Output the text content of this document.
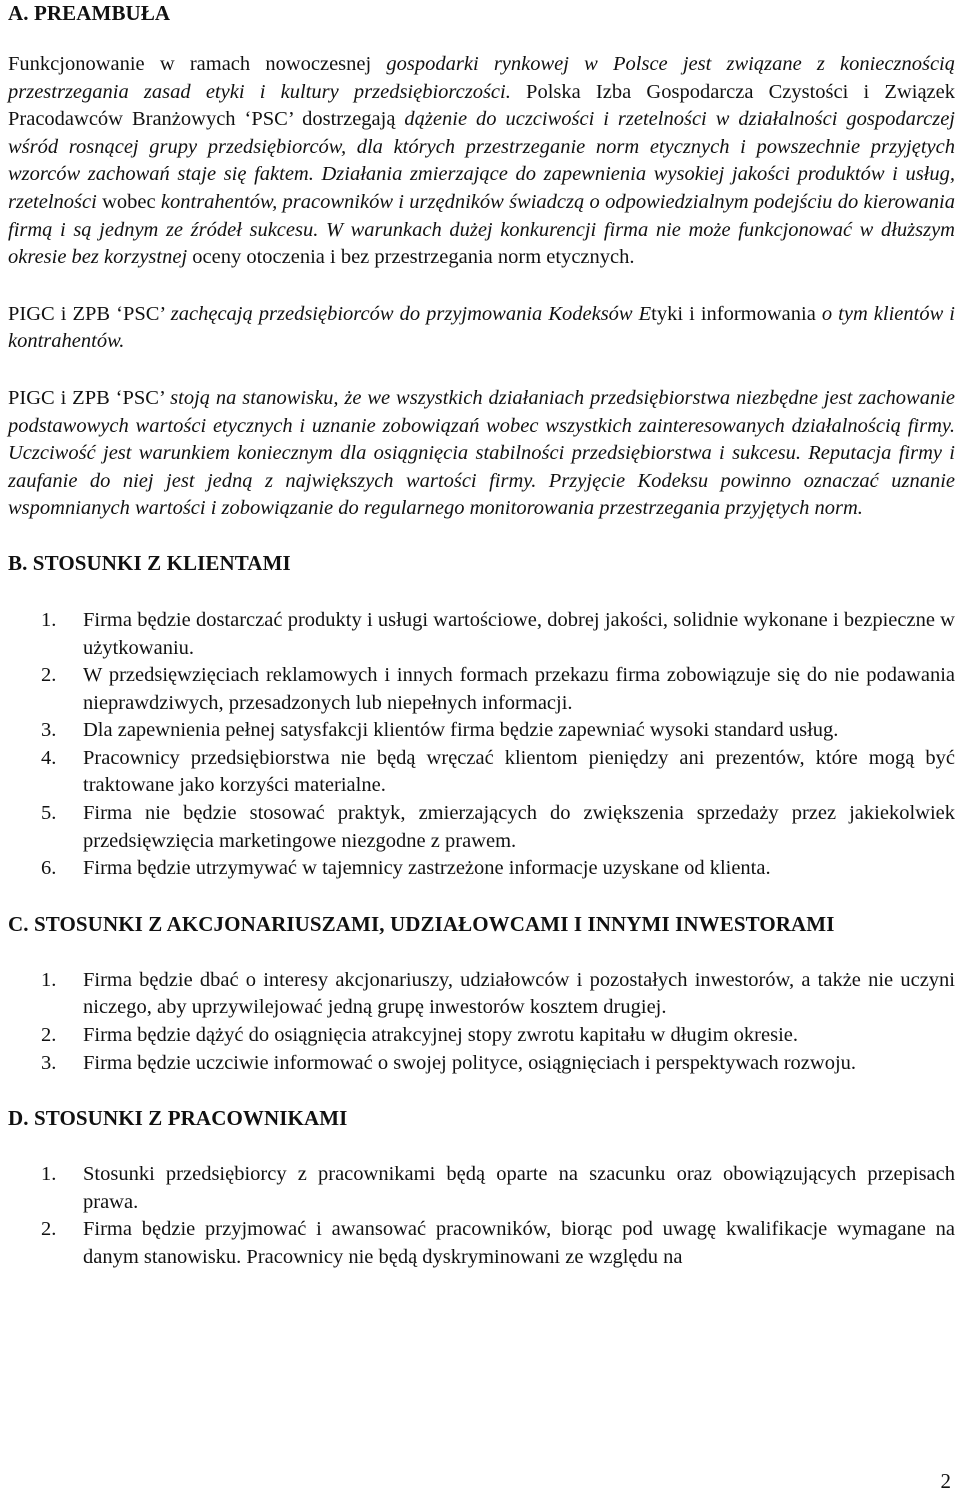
A. PREAMBUŁA

Funkcjonowanie w ramach nowoczesnej gospodarki rynkowej w Polsce jest związane z koniecznością przestrzegania zasad etyki i kultury przedsiębiorczości. Polska Izba Gospodarcza Czystości i Związek Pracodawców Branżowych ‘PSC’ dostrzegają dążenie do uczciwości i rzetelności w działalności gospodarczej wśród rosnącej grupy przedsiębiorców, dla których przestrzeganie norm etycznych i powszechnie przyjętych wzorców zachowań staje się faktem. Działania zmierzające do zapewnienia wysokiej jakości produktów i usług, rzetelności wobec kontrahentów, pracowników i urzędników świadczą o odpowiedzialnym podejściu do kierowania firmą i są jednym ze źródeł sukcesu. W warunkach dużej konkurencji firma nie może funkcjonować w dłuższym okresie bez korzystnej oceny otoczenia i bez przestrzegania norm etycznych.

PIGC i ZPB ‘PSC’ zachęcają przedsiębiorców do przyjmowania Kodeksów Etyki i informowania o tym klientów i kontrahentów.

PIGC i ZPB ‘PSC’ stoją na stanowisku, że we wszystkich działaniach przedsiębiorstwa niezbędne jest zachowanie podstawowych wartości etycznych i uznanie zobowiązań wobec wszystkich zainteresowanych działalnością firmy. Uczciwość jest warunkiem koniecznym dla osiągnięcia stabilności przedsiębiorstwa i sukcesu. Reputacja firmy i zaufanie do niej jest jedną z największych wartości firmy. Przyjęcie Kodeksu powinno oznaczać uznanie wspomnianych wartości i zobowiązanie do regularnego monitorowania przestrzegania przyjętych norm.

B. STOSUNKI Z KLIENTAMI
1. Firma będzie dostarczać produkty i usługi wartościowe, dobrej jakości, solidnie wykonane i bezpieczne w użytkowaniu.
2. W przedsięwzięciach reklamowych i innych formach przekazu firma zobowiązuje się do nie podawania nieprawdziwych, przesadzonych lub niepełnych informacji.
3. Dla zapewnienia pełnej satysfakcji klientów firma będzie zapewniać wysoki standard usług.
4. Pracownicy przedsiębiorstwa nie będą wręczać klientom pieniędzy ani prezentów, które mogą być traktowane jako korzyści materialne.
5. Firma nie będzie stosować praktyk, zmierzających do zwiększenia sprzedaży przez jakiekolwiek przedsięwzięcia marketingowe niezgodne z prawem.
6. Firma będzie utrzymywać w tajemnicy zastrzeżone informacje uzyskane od klienta.
C. STOSUNKI Z AKCJONARIUSZAMI, UDZIAŁOWCAMI I INNYMI INWESTORAMI
1. Firma będzie dbać o interesy akcjonariuszy, udziałowców i pozostałych inwestorów, a także nie uczyni niczego, aby uprzywilejować jedną grupę inwestorów kosztem drugiej.
2. Firma będzie dążyć do osiągnięcia atrakcyjnej stopy zwrotu kapitału w długim okresie.
3. Firma będzie uczciwie informować o swojej polityce, osiągnięciach i perspektywach rozwoju.
D. STOSUNKI Z PRACOWNIKAMI
1. Stosunki przedsiębiorcy z pracownikami będą oparte na szacunku oraz obowiązujących przepisach prawa.
2. Firma będzie przyjmować i awansować pracowników, biorąc pod uwagę kwalifikacje wymagane na danym stanowisku. Pracownicy nie będą dyskryminowani ze względu na
2
